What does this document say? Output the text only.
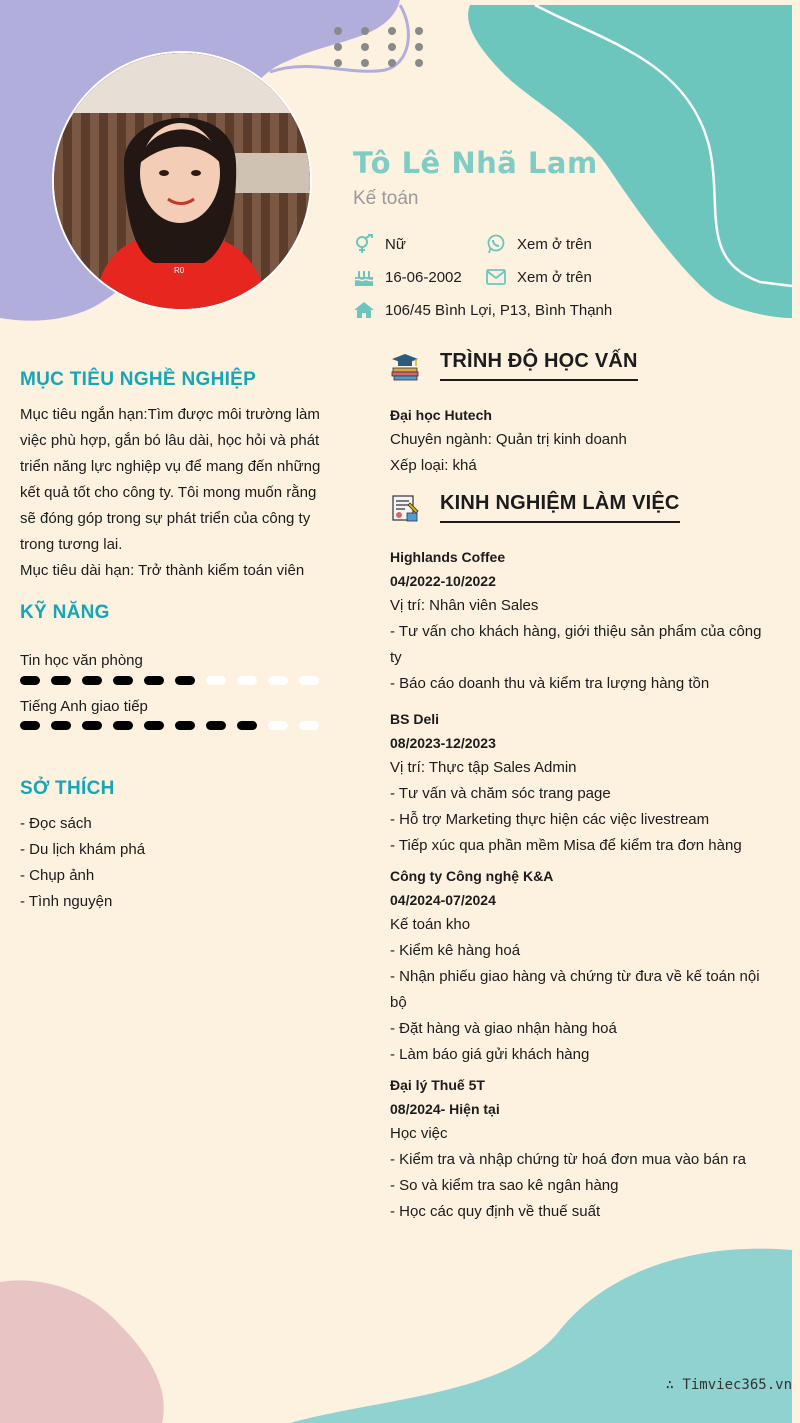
R0
Tô Lê Nhã Lam
Kế toán
Nữ	Xem ở trên
16-06-2002	Xem ở trên
106/45 Bình Lợi, P13, Bình Thạnh
MỤC TIÊU NGHỀ NGHIỆP
Mục tiêu ngắn hạn:Tìm được môi trường làm
việc phù hợp, gắn bó lâu dài, học hỏi và phát
triển năng lực nghiệp vụ để mang đến những
kết quả tốt cho công ty. Tôi mong muốn rằng
sẽ đóng góp trong sự phát triển của công ty
trong tương lai.
Mục tiêu dài hạn: Trở thành kiểm toán viên
KỸ NĂNG
Tin học văn phòng
Tiếng Anh giao tiếp
SỞ THÍCH
- Đọc sách
- Du lịch khám phá
- Chụp ảnh
- Tình nguyện
TRÌNH ĐỘ HỌC VẤN
Đại học Hutech
Chuyên ngành: Quản trị kinh doanh
Xếp loại: khá
KINH NGHIỆM LÀM VIỆC
Highlands Coffee
04/2022-10/2022
Vị trí: Nhân viên Sales
- Tư vấn cho khách hàng, giới thiệu sản phẩm của công
ty
- Báo cáo doanh thu và kiểm tra lượng hàng tồn
BS Deli
08/2023-12/2023
Vị trí: Thực tập Sales Admin
- Tư vấn và chăm sóc trang page
- Hỗ trợ Marketing thực hiện các việc livestream
- Tiếp xúc qua phần mềm Misa để kiểm tra đơn hàng
Công ty Công nghệ K&A
04/2024-07/2024
Kế toán kho
- Kiểm kê hàng hoá
- Nhận phiếu giao hàng và chứng từ đưa về kế toán nội
bộ
- Đặt hàng và giao nhận hàng hoá
- Làm báo giá gửi khách hàng
Đại lý Thuế 5T
08/2024- Hiện tại
Học việc
- Kiểm tra và nhập chứng từ hoá đơn mua vào bán ra
- So và kiểm tra sao kê ngân hàng
- Học các quy định về thuế suất
∴ Timviec365.vn
